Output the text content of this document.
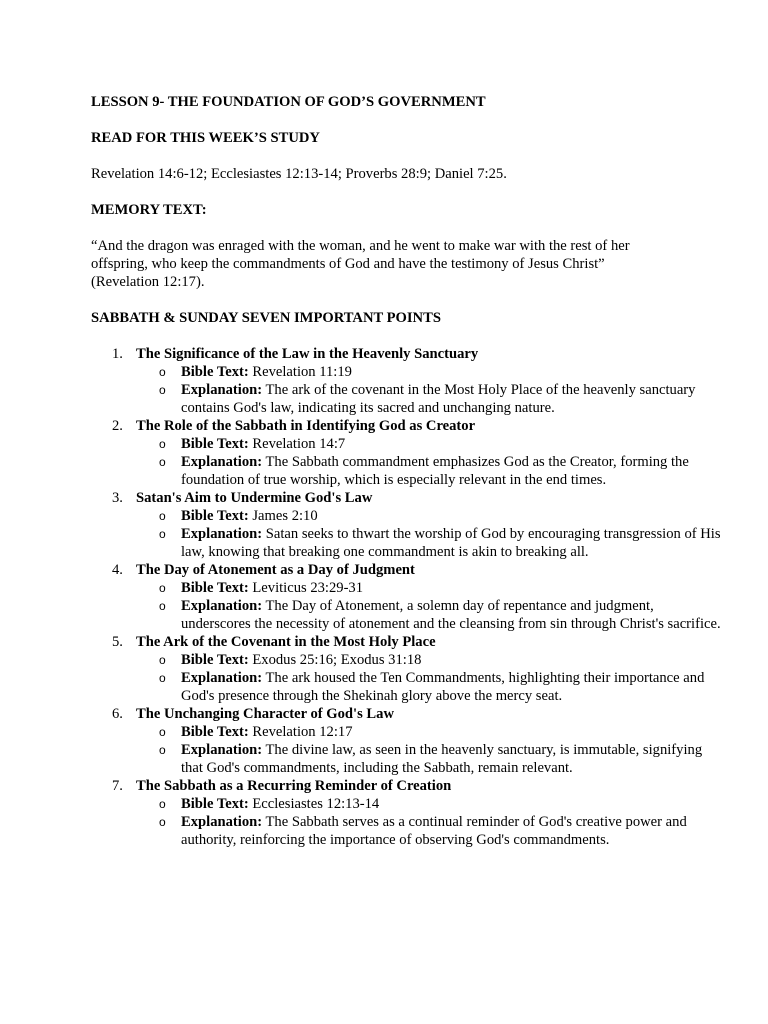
LESSON 9- THE FOUNDATION OF GOD’S GOVERNMENT

READ FOR THIS WEEK’S STUDY

Revelation 14:6-12; Ecclesiastes 12:13-14; Proverbs 28:9; Daniel 7:25.

MEMORY TEXT:

“And the dragon was enraged with the woman, and he went to make war with the rest of her offspring, who keep the commandments of God and have the testimony of Jesus Christ” (Revelation 12:17).

SABBATH & SUNDAY SEVEN IMPORTANT POINTS

1. The Significance of the Law in the Heavenly Sanctuary
o Bible Text: Revelation 11:19
o Explanation: The ark of the covenant in the Most Holy Place of the heavenly sanctuary contains God's law, indicating its sacred and unchanging nature.
2. The Role of the Sabbath in Identifying God as Creator
o Bible Text: Revelation 14:7
o Explanation: The Sabbath commandment emphasizes God as the Creator, forming the foundation of true worship, which is especially relevant in the end times.
3. Satan's Aim to Undermine God's Law
o Bible Text: James 2:10
o Explanation: Satan seeks to thwart the worship of God by encouraging transgression of His law, knowing that breaking one commandment is akin to breaking all.
4. The Day of Atonement as a Day of Judgment
o Bible Text: Leviticus 23:29-31
o Explanation: The Day of Atonement, a solemn day of repentance and judgment, underscores the necessity of atonement and the cleansing from sin through Christ's sacrifice.
5. The Ark of the Covenant in the Most Holy Place
o Bible Text: Exodus 25:16; Exodus 31:18
o Explanation: The ark housed the Ten Commandments, highlighting their importance and God's presence through the Shekinah glory above the mercy seat.
6. The Unchanging Character of God's Law
o Bible Text: Revelation 12:17
o Explanation: The divine law, as seen in the heavenly sanctuary, is immutable, signifying that God's commandments, including the Sabbath, remain relevant.
7. The Sabbath as a Recurring Reminder of Creation
o Bible Text: Ecclesiastes 12:13-14
o Explanation: The Sabbath serves as a continual reminder of God's creative power and authority, reinforcing the importance of observing God's commandments.
